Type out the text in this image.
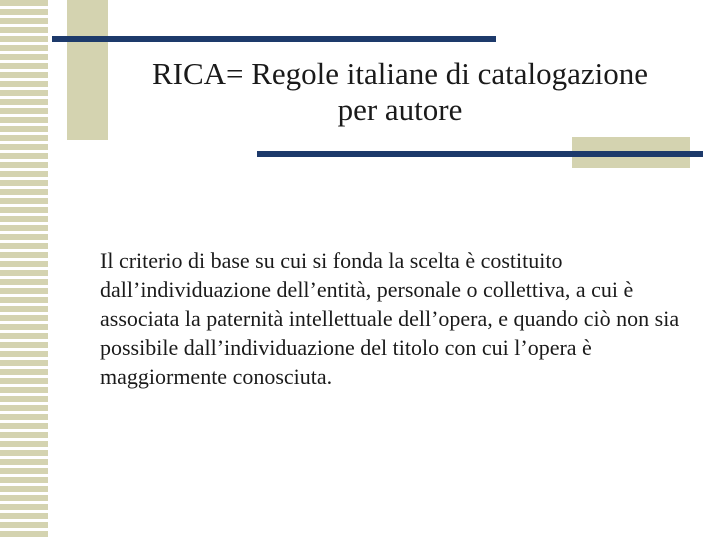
RICA= Regole italiane di catalogazione per autore

Il criterio di base su cui si fonda la scelta è costituito dall’individuazione dell’entità, personale o collettiva, a cui è associata la paternità intellettuale dell’opera, e quando ciò non sia possibile dall’individuazione del titolo con cui l’opera è maggiormente conosciuta.
